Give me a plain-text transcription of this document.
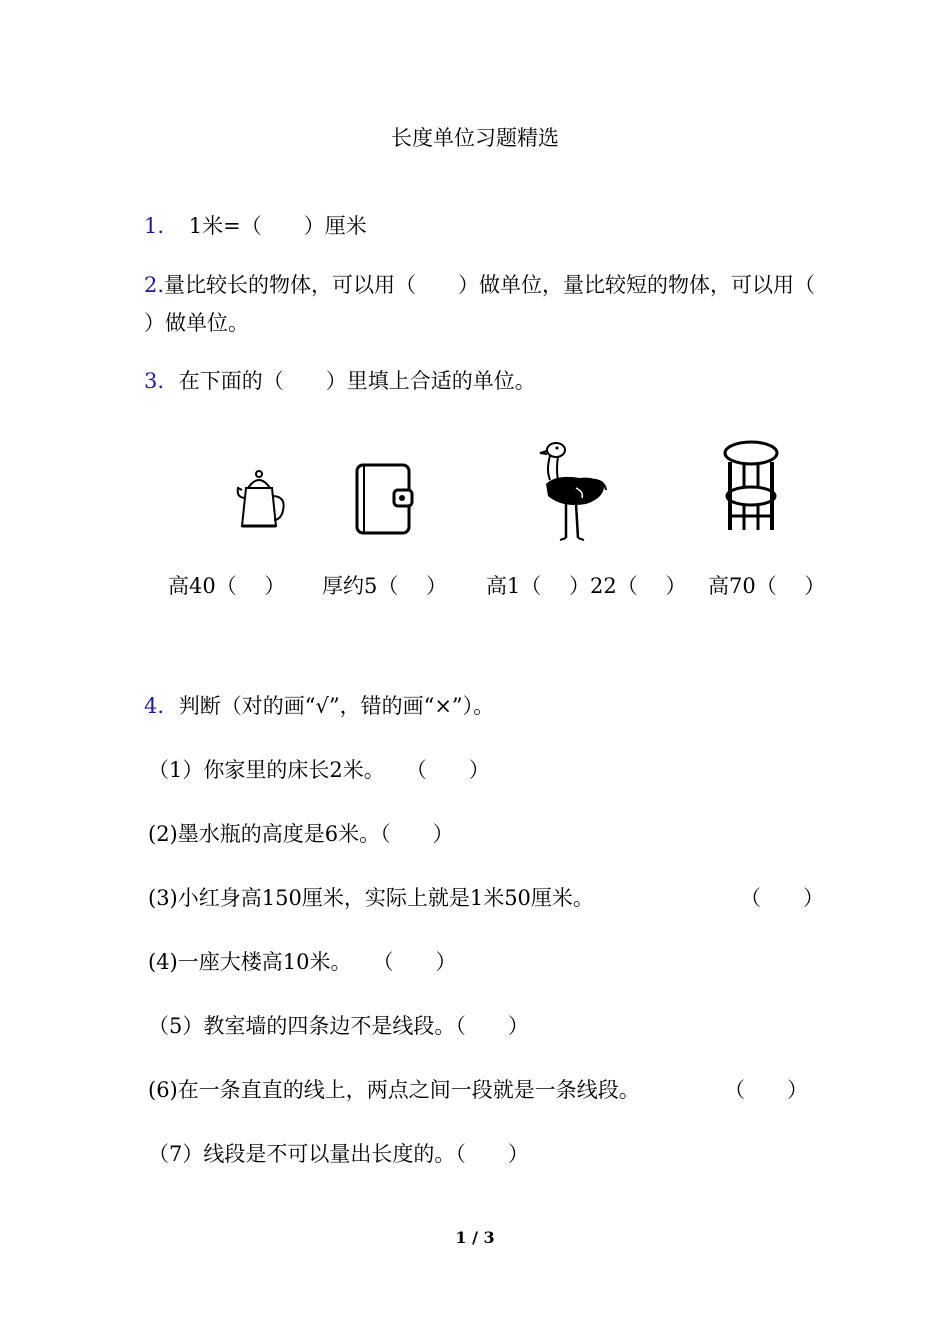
长度单位习题精选
1. 1米=（　　）厘米
2.量比较长的物体，可以用（　　）做单位，量比较短的物体，可以用（
）做单位。
3. 在下面的（　　）里填上合适的单位。
高40（　 ） 厚约5（　 ） 高1（　 ）22（　 ） 高70（　 ）
4. 判断（对的画“√”，错的画“×”）。
（1）你家里的床长2米。　　（　　）
(2)墨水瓶的高度是6米。（　　）
(3)小红身高150厘米，实际上就是1米50厘米。	（　　）
(4)一座大楼高10米。　　（　　）
（5）教室墙的四条边不是线段。（　　）
(6)在一条直直的线上，两点之间一段就是一条线段。	（　　）
（7）线段是不可以量出长度的。（　　）
1 / 3
